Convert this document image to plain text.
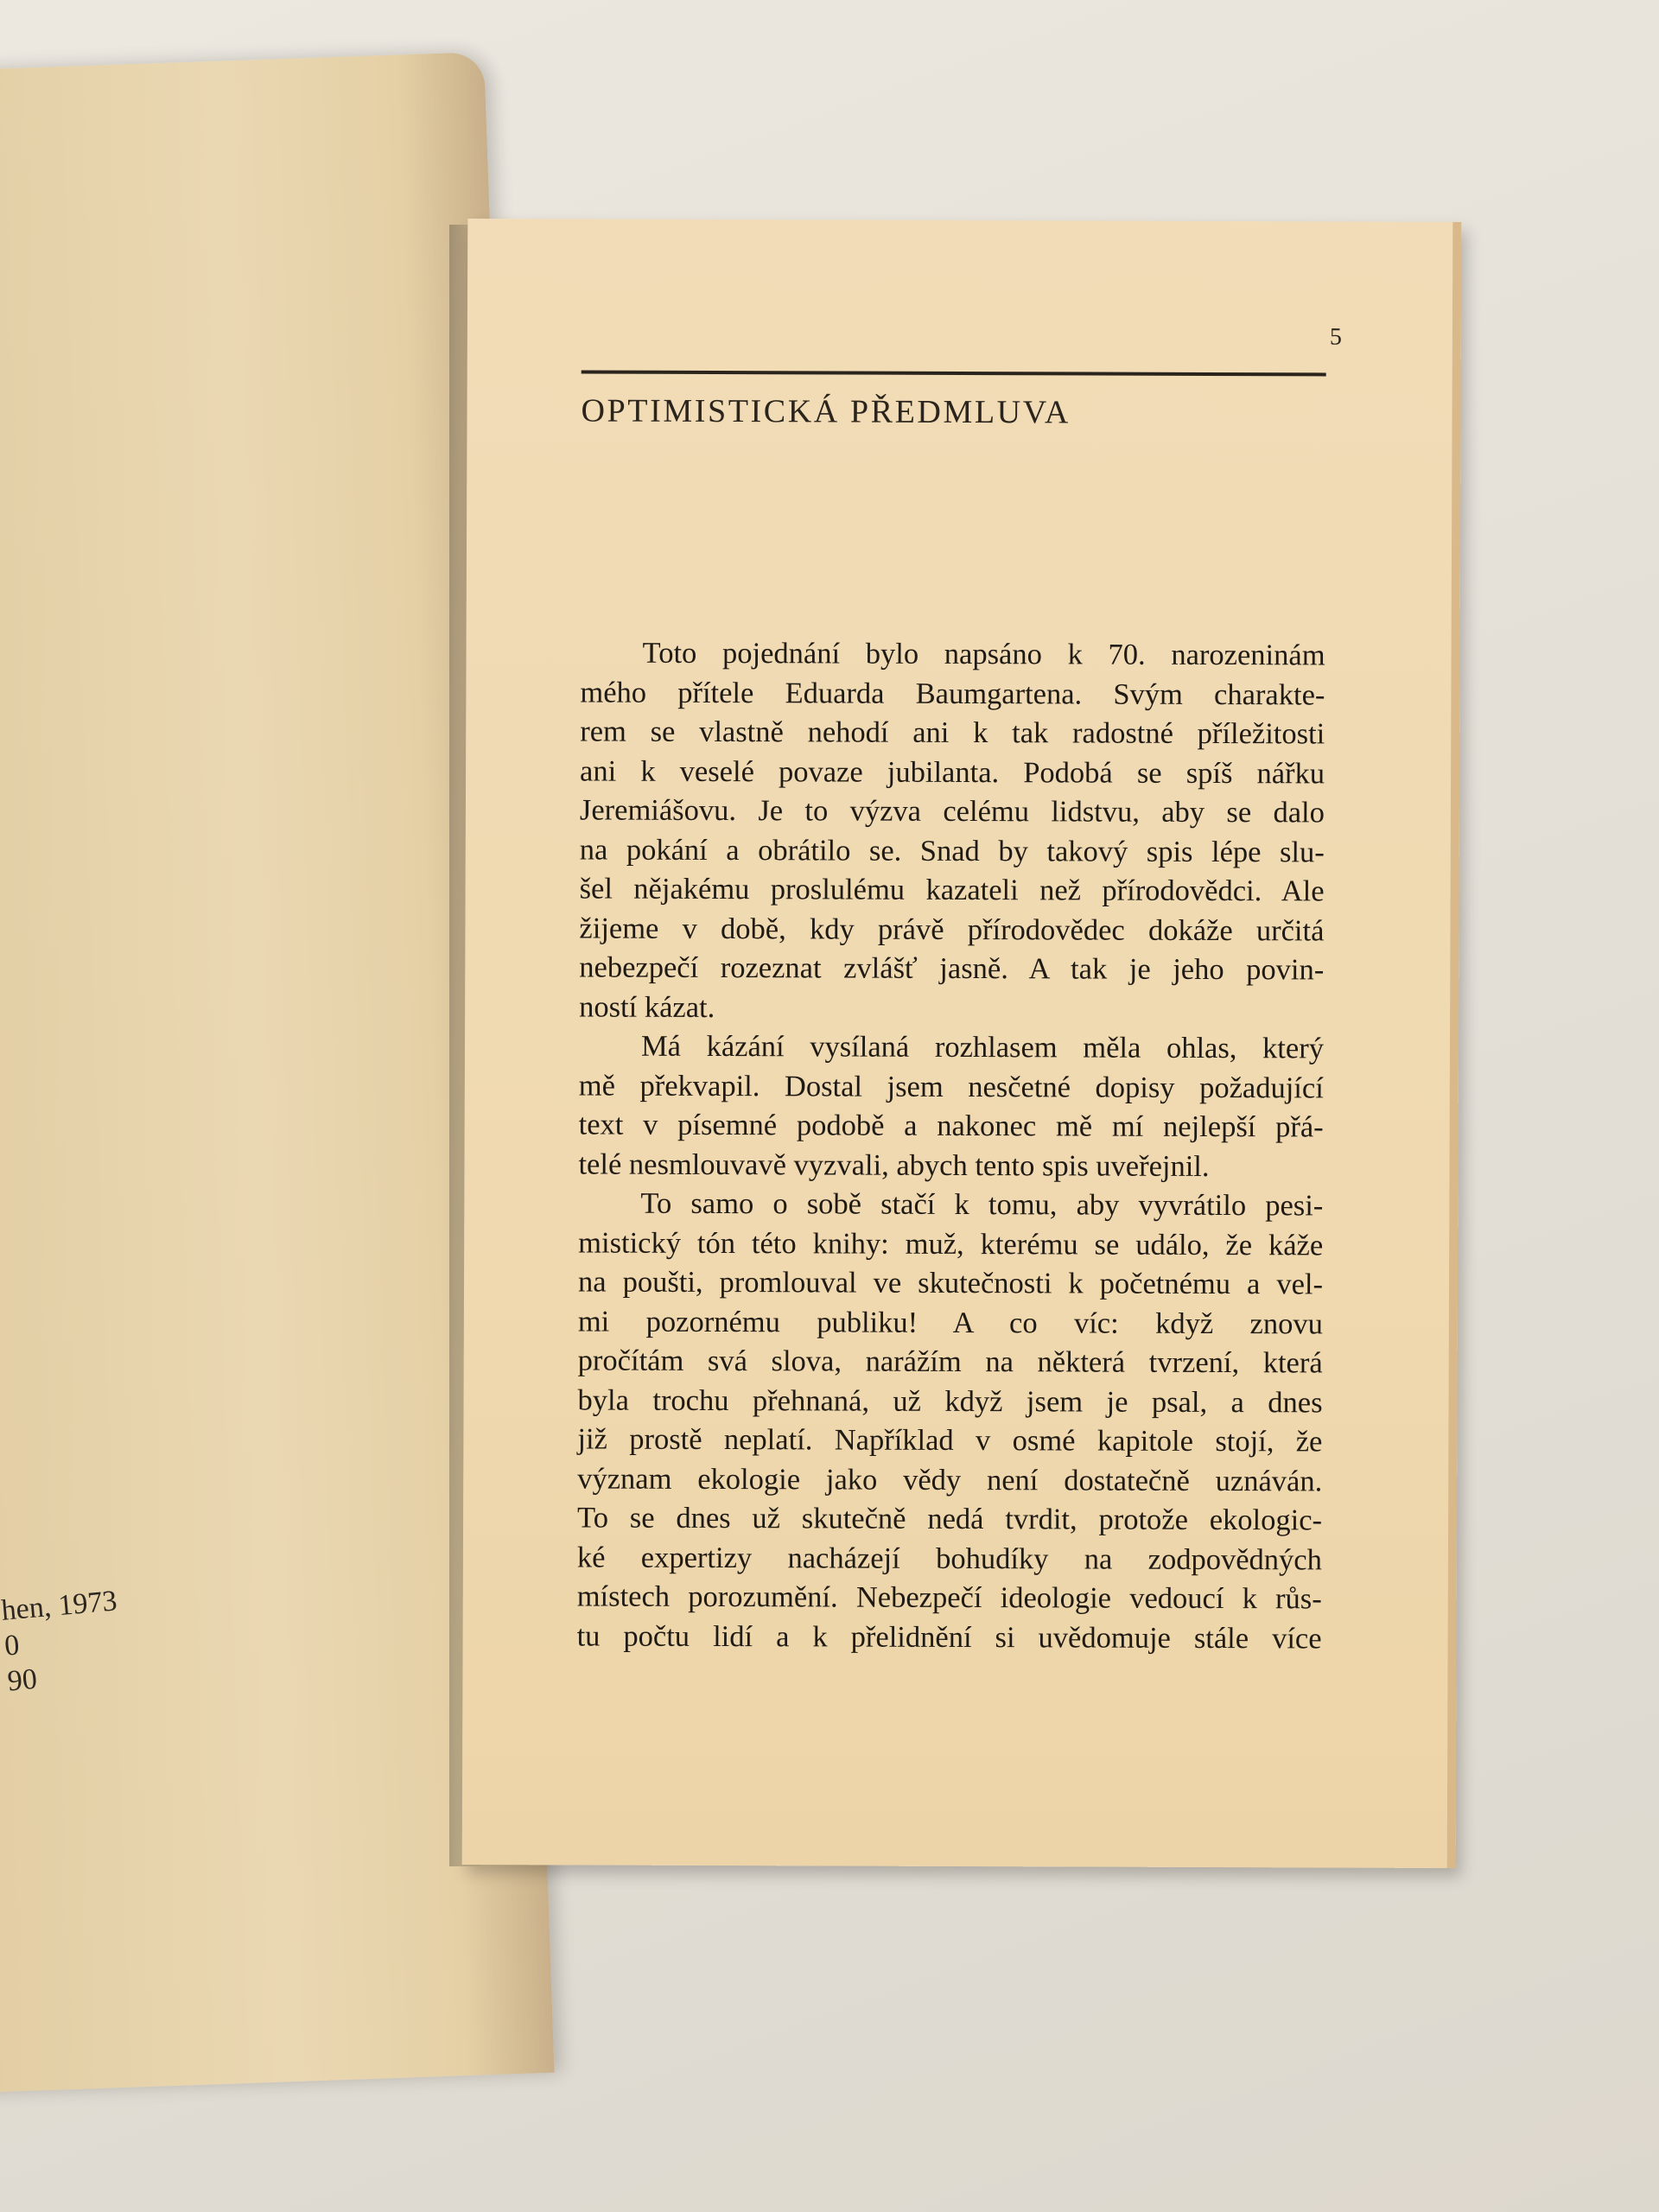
hen, 1973
0
90
5
OPTIMISTICKÁ PŘEDMLUVA
Toto pojednání bylo napsáno k 70. narozeninám
mého přítele Eduarda Baumgartena. Svým charakte-
rem se vlastně nehodí ani k tak radostné příležitosti
ani k veselé povaze jubilanta. Podobá se spíš nářku
Jeremiášovu. Je to výzva celému lidstvu, aby se dalo
na pokání a obrátilo se. Snad by takový spis lépe slu-
šel nějakému proslulému kazateli než přírodovědci. Ale
žijeme v době, kdy právě přírodovědec dokáže určitá
nebezpečí rozeznat zvlášť jasně. A tak je jeho povin-
ností kázat.
Má kázání vysílaná rozhlasem měla ohlas, který
mě překvapil. Dostal jsem nesčetné dopisy požadující
text v písemné podobě a nakonec mě mí nejlepší přá-
telé nesmlouvavě vyzvali, abych tento spis uveřejnil.
To samo o sobě stačí k tomu, aby vyvrátilo pesi-
mistický tón této knihy: muž, kterému se událo, že káže
na poušti, promlouval ve skutečnosti k početnému a vel-
mi pozornému publiku! A co víc: když znovu
pročítám svá slova, narážím na některá tvrzení, která
byla trochu přehnaná, už když jsem je psal, a dnes
již prostě neplatí. Například v osmé kapitole stojí, že
význam ekologie jako vědy není dostatečně uznáván.
To se dnes už skutečně nedá tvrdit, protože ekologic-
ké expertizy nacházejí bohudíky na zodpovědných
místech porozumění. Nebezpečí ideologie vedoucí k růs-
tu počtu lidí a k přelidnění si uvědomuje stále více
